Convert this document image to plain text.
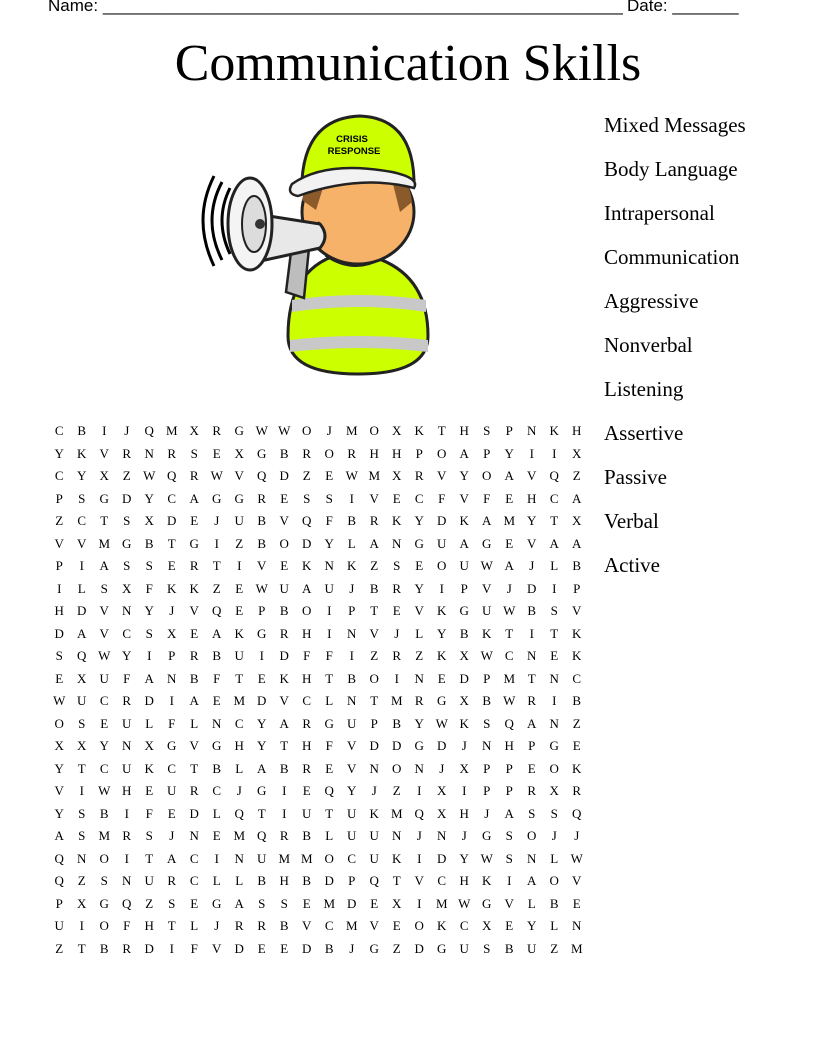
Name: _______________________________________________________ Date: _______
Communication Skills
CRISIS
RESPONSE
Mixed Messages
Body Language
Intrapersonal
Communication
Aggressive
Nonverbal
Listening
Assertive
Passive
Verbal
Active
C	B	I	J	Q M X	R	G W W O	J	M O	X	K	T	H	S	P	N	K	H
Y	K	V	R	N	R	S	E	X	G	B	R	O	R	H	H	P	O	A	P	Y	I	I	X
C	Y	X	Z W Q	R W V	Q	D	Z	E W M X	R	V	Y	O	A	V	Q	Z
P	S	G	D	Y	C	A	G	G	R	E	S	S	I	V	E	C	F	V	F	E	H	C	A
Z	C	T	S	X	D	E	J	U	B	V	Q	F	B	R	K	Y	D	K	A M Y	T	X
V	V M G	B	T	G	I	Z	B	O	D	Y	L	A	N	G	U	A	G	E	V	A	A
P	I	A	S	S	E	R	T	I	V	E	K	N	K	Z	S	E	O	U W A	J	L	B
I	L	S	X	F	K	K	Z	E W U	A	U	J	B	R	Y	I	P	V	J	D	I	P
H	D	V	N	Y	J	V	Q	E	P	B	O	I	P	T	E	V	K	G	U W B	S	V
D	A	V	C	S	X	E	A	K	G	R	H	I	N	V	J	L	Y	B	K	T	I	T	K
S	Q W Y	I	P	R	B	U	I	D	F	F	I	Z	R	Z	K	X W C	N	E	K
E	X	U	F	A	N	B	F	T	E	K	H	T	B	O	I	N	E	D	P	M T	N	C
W U	C	R	D	I	A	E M D	V	C	L	N	T M R	G	X	B W R	I	B
O	S	E	U	L	F	L	N	C	Y	A	R	G	U	P	B	Y W K	S	Q	A	N	Z
X	X	Y	N	X	G	V	G	H	Y	T	H	F	V	D	D	G	D	J	N	H	P	G	E
Y	T	C	U	K	C	T	B	L	A	B	R	E	V	N	O	N	J	X	P	P	E	O	K
V	I	W H	E	U	R	C	J	G	I	E	Q	Y	J	Z	I	X	I	P	P	R	X	R
Y	S	B	I	F	E	D	L	Q	T	I	U	T	U	K M Q	X	H	J	A	S	S	Q
A	S	M R	S	J	N	E M Q	R	B	L	U	U	N	J	N	J	G	S	O	J	J
Q	N	O	I	T	A	C	I	N	U M M O	C	U	K	I	D	Y W S	N	L W
Q	Z	S	N	U	R	C	L	L	B	H	B	D	P	Q	T	V	C	H	K	I	A	O	V
P	X	G	Q	Z	S	E	G	A	S	S	E M D	E	X	I	M W G	V	L	B	E
U	I	O	F	H	T	L	J	R	R	B	V	C M V	E	O	K	C	X	E	Y	L	N
Z	T	B	R	D	I	F	V	D	E	E	D	B	J	G	Z	D	G	U	S	B	U	Z M
